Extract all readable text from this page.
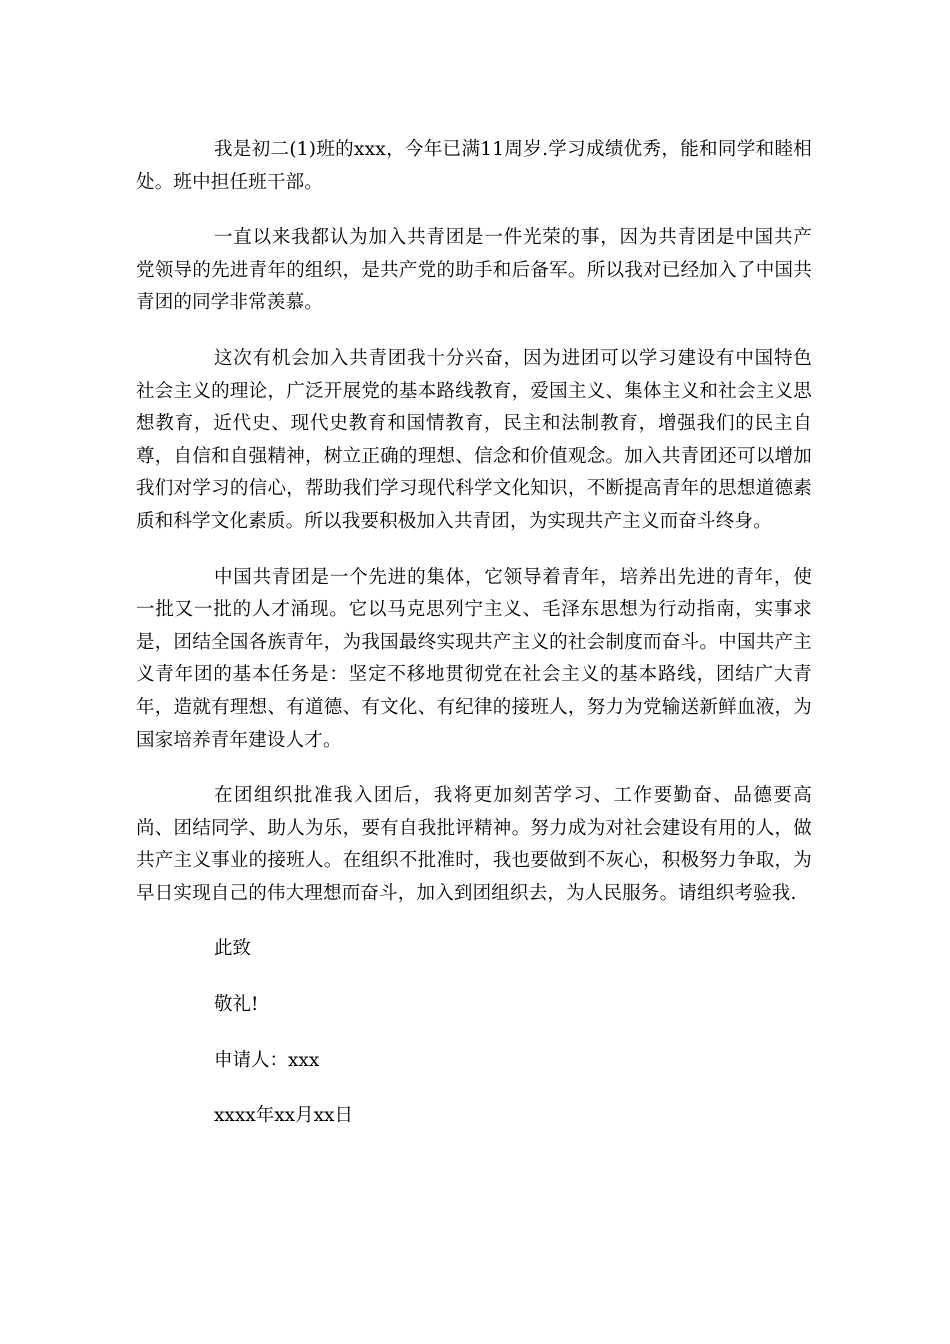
我是初二(1)班的xxx，今年已满11周岁.学习成绩优秀，能和同学和睦相处。班中担任班干部。

一直以来我都认为加入共青团是一件光荣的事，因为共青团是中国共产党领导的先进青年的组织，是共产党的助手和后备军。所以我对已经加入了中国共青团的同学非常羡慕。

这次有机会加入共青团我十分兴奋，因为进团可以学习建设有中国特色社会主义的理论，广泛开展党的基本路线教育，爱国主义、集体主义和社会主义思想教育，近代史、现代史教育和国情教育，民主和法制教育，增强我们的民主自尊，自信和自强精神，树立正确的理想、信念和价值观念。加入共青团还可以增加我们对学习的信心，帮助我们学习现代科学文化知识，不断提高青年的思想道德素质和科学文化素质。所以我要积极加入共青团，为实现共产主义而奋斗终身。

中国共青团是一个先进的集体，它领导着青年，培养出先进的青年，使一批又一批的人才涌现。它以马克思列宁主义、毛泽东思想为行动指南，实事求是，团结全国各族青年，为我国最终实现共产主义的社会制度而奋斗。中国共产主义青年团的基本任务是：坚定不移地贯彻党在社会主义的基本路线，团结广大青年，造就有理想、有道德、有文化、有纪律的接班人，努力为党输送新鲜血液，为国家培养青年建设人才。

在团组织批准我入团后，我将更加刻苦学习、工作要勤奋、品德要高尚、团结同学、助人为乐，要有自我批评精神。努力成为对社会建设有用的人，做共产主义事业的接班人。在组织不批准时，我也要做到不灰心，积极努力争取，为早日实现自己的伟大理想而奋斗，加入到团组织去，为人民服务。请组织考验我.

此致
敬礼!
申请人：xxx
xxxx年xx月xx日
